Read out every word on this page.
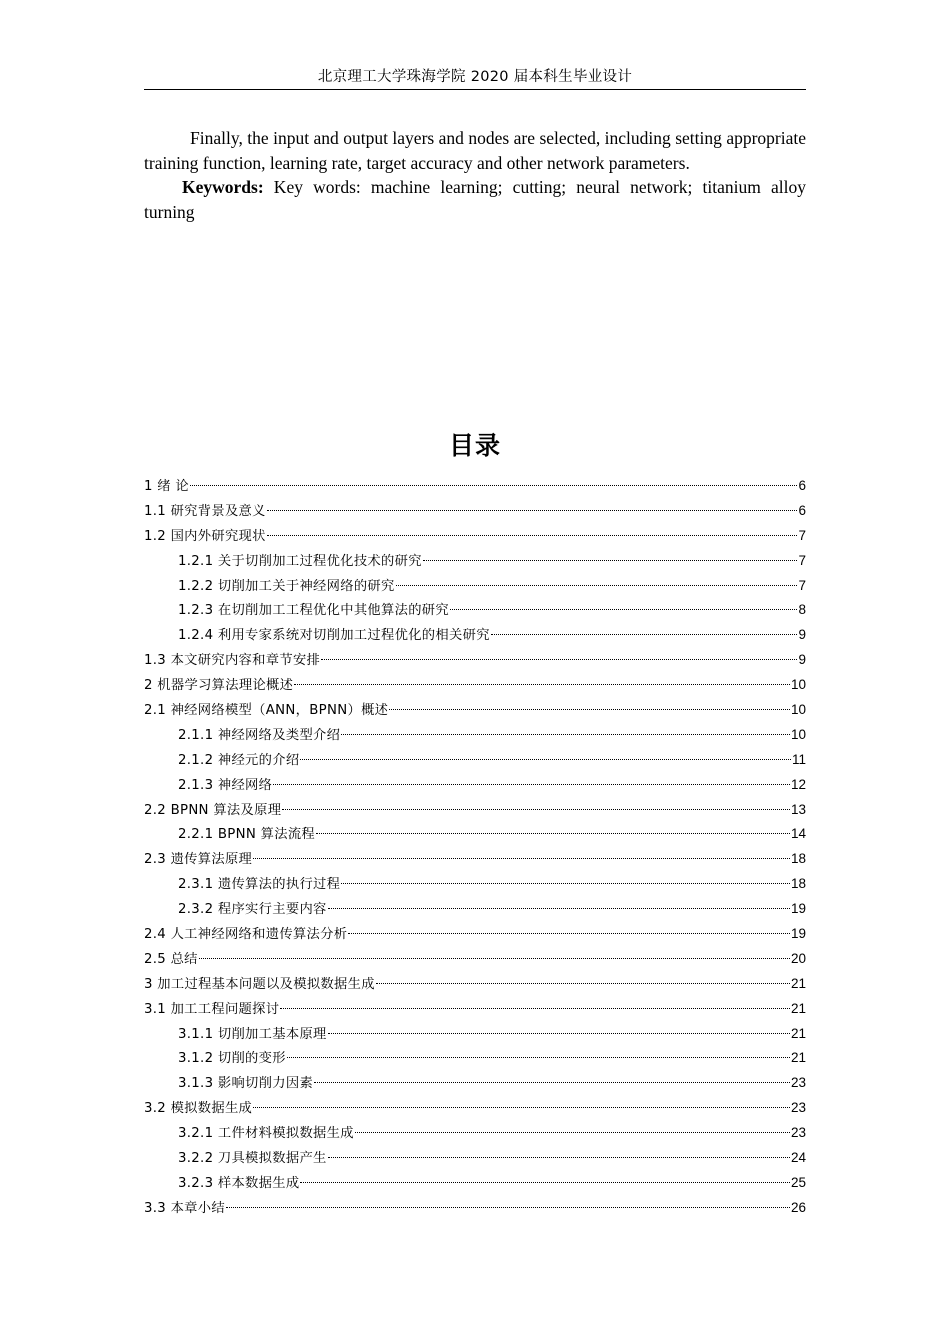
北京理工大学珠海学院 2020 届本科生毕业设计

Finally, the input and output layers and nodes are selected, including setting appropriate training function, learning rate, target accuracy and other network parameters.

Keywords: Key words: machine learning; cutting; neural network; titanium alloy turning

目录
1 绪 论	6
1.1 研究背景及意义	6
1.2 国内外研究现状	7
1.2.1 关于切削加工过程优化技术的研究	7
1.2.2 切削加工关于神经网络的研究	7
1.2.3 在切削加工工程优化中其他算法的研究	8
1.2.4 利用专家系统对切削加工过程优化的相关研究	9
1.3 本文研究内容和章节安排	9
2 机器学习算法理论概述	10
2.1 神经网络模型（ANN，BPNN）概述	10
2.1.1 神经网络及类型介绍	10
2.1.2 神经元的介绍	11
2.1.3 神经网络	12
2.2 BPNN 算法及原理	13
2.2.1 BPNN 算法流程	14
2.3 遗传算法原理	18
2.3.1 遗传算法的执行过程	18
2.3.2 程序实行主要内容	19
2.4 人工神经网络和遗传算法分析	19
2.5 总结	20
3 加工过程基本问题以及模拟数据生成	21
3.1 加工工程问题探讨	21
3.1.1 切削加工基本原理	21
3.1.2 切削的变形	21
3.1.3 影响切削力因素	23
3.2 模拟数据生成	23
3.2.1 工件材料模拟数据生成	23
3.2.2 刀具模拟数据产生	24
3.2.3 样本数据生成	25
3.3 本章小结	26
